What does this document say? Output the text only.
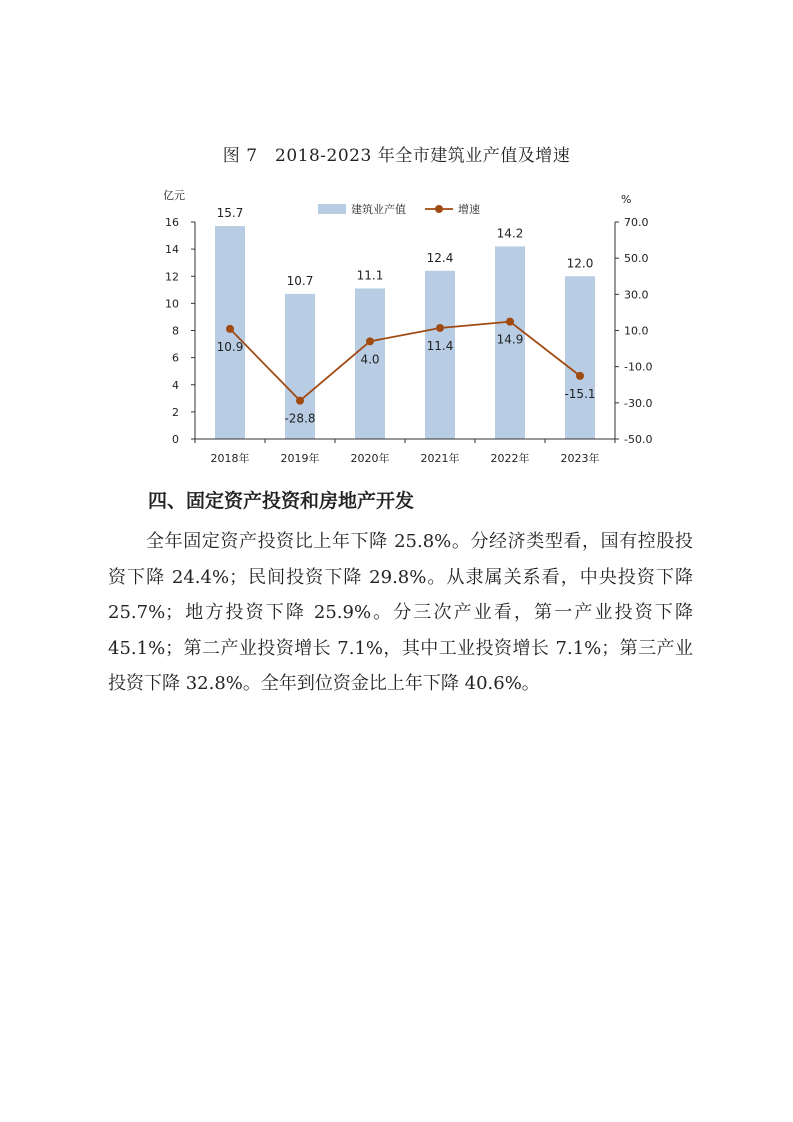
图 7　2018-2023 年全市建筑业产值及增速
0
2
4
6
8
10
12
14
16
-50.0
-30.0
-10.0
10.0
30.0
50.0
70.0
2018年	2019年	2020年	2021年	2022年	2023年
亿元	%
15.7
10.7	11.1
12.4
14.2
12.0
10.9
-28.8
4.0
11.4	14.9
-15.1
建筑业产值	增速
四、固定资产投资和房地产开发

全年固定资产投资比上年下降 25.8%。分经济类型看，国有控股投资下降 24.4%；民间投资下降 29.8%。从隶属关系看，中央投资下降 25.7%；地方投资下降 25.9%。分三次产业看，第一产业投资下降 45.1%；第二产业投资增长 7.1%，其中工业投资增长 7.1%；第三产业投资下降 32.8%。全年到位资金比上年下降 40.6%。
